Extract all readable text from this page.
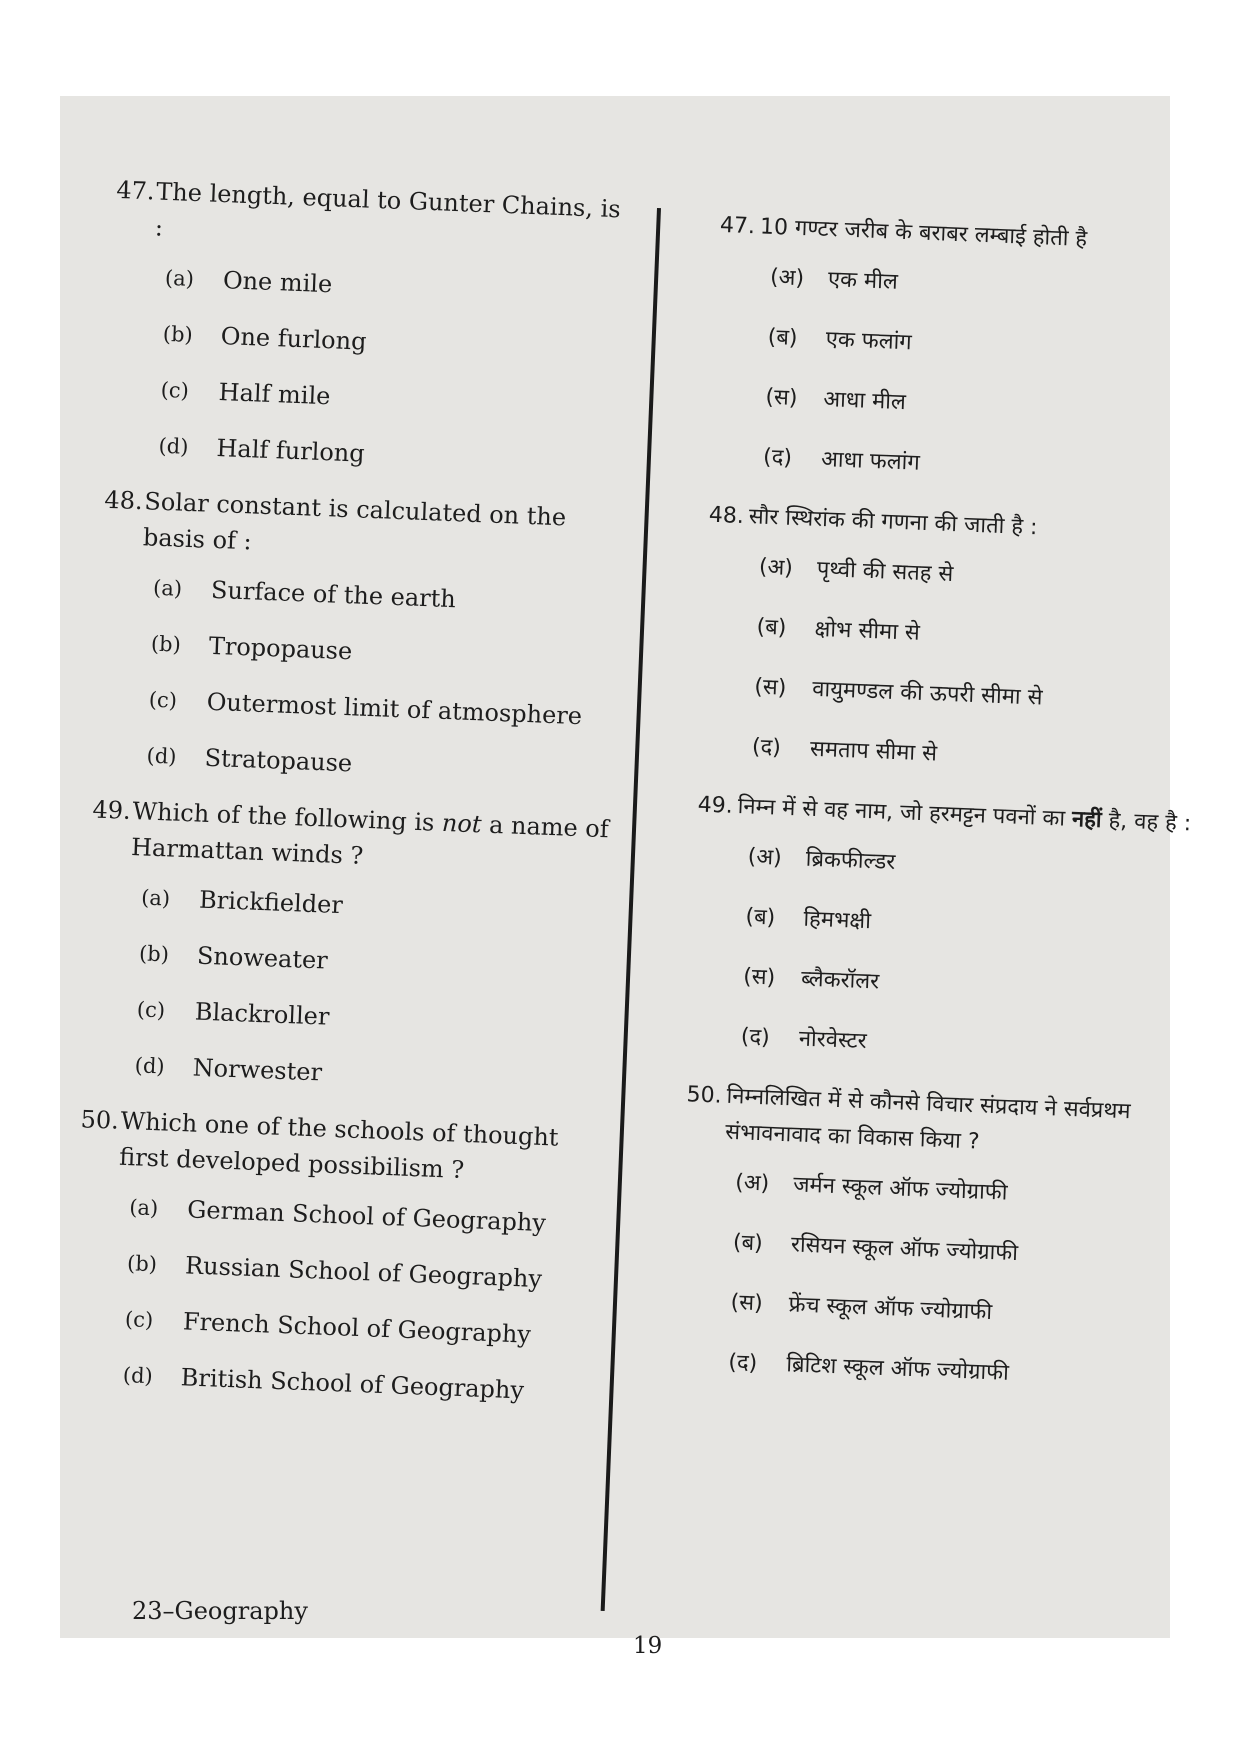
47. The length, equal to Gunter Chains, is :
(a)	One mile
(b)	One furlong
(c)	Half mile
(d)	Half furlong
48. Solar constant is calculated on the basis of :
(a)	Surface of the earth
(b)	Tropopause
(c)	Outermost limit of atmosphere
(d)	Stratopause
49. Which of the following is not a name of Harmattan winds ?
(a)	Brickfielder
(b)	Snoweater
(c)	Blackroller
(d)	Norwester
50. Which one of the schools of thought first developed possibilism ?
(a)	German School of Geography
(b)	Russian School of Geography
(c)	French School of Geography
(d)	British School of Geography
47. 10 गण्टर जरीब के बराबर लम्बाई होती है
(अ)	एक मील
(ब)	एक फलांग
(स)	आधा मील
(द)	आधा फलांग
48. सौर स्थिरांक की गणना की जाती है :
(अ)	पृथ्वी की सतह से
(ब)	क्षोभ सीमा से
(स)	वायुमण्डल की ऊपरी सीमा से
(द)	समताप सीमा से
49. निम्न में से वह नाम, जो हरमट्टन पवनों का नहीं है, वह है :
(अ)	ब्रिकफील्डर
(ब)	हिमभक्षी
(स)	ब्लैकरॉलर
(द)	नोरवेस्टर
50. निम्नलिखित में से कौनसे विचार संप्रदाय ने सर्वप्रथम संभावनावाद का विकास किया ?
(अ)	जर्मन स्कूल ऑफ ज्योग्राफी
(ब)	रसियन स्कूल ऑफ ज्योग्राफी
(स)	फ्रेंच स्कूल ऑफ ज्योग्राफी
(द)	ब्रिटिश स्कूल ऑफ ज्योग्राफी
23–Geography
19
